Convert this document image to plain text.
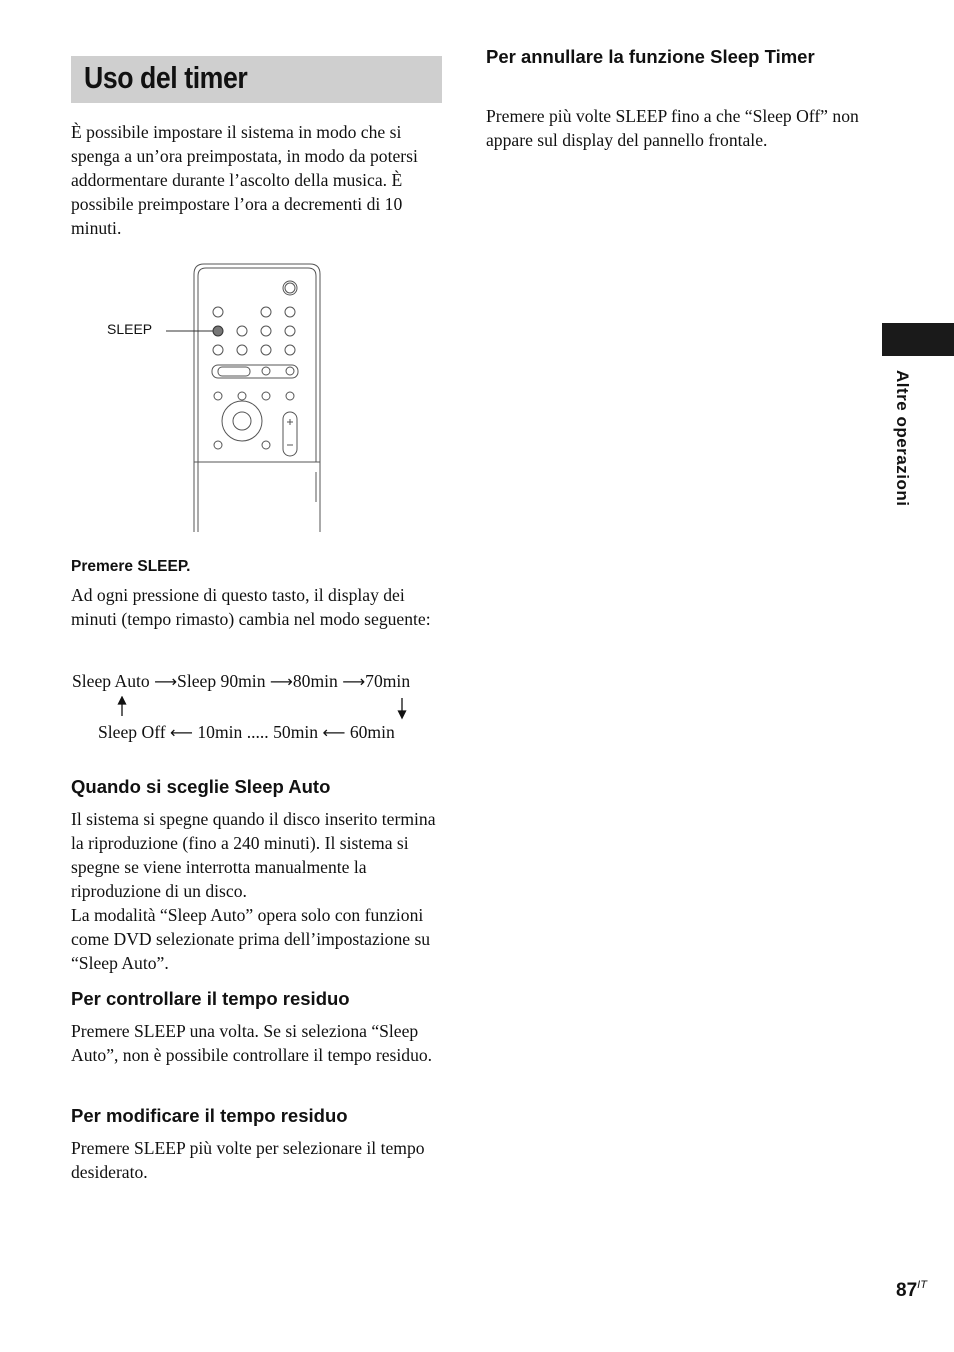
Uso del timer

È possibile impostare il sistema in modo che si spenga a un’ora preimpostata, in modo da potersi addormentare durante l’ascolto della musica. È possibile preimpostare l’ora a decrementi di 10 minuti.

SLEEP

Premere SLEEP.

Ad ogni pressione di questo tasto, il display dei minuti (tempo rimasto) cambia nel modo seguente:

Sleep Auto ⟶Sleep 90min ⟶80min ⟶70min
Sleep Off ⟵ 10min ..... 50min ⟵ 60min

Quando si sceglie Sleep Auto

Il sistema si spegne quando il disco inserito termina la riproduzione (fino a 240 minuti). Il sistema si spegne se viene interrotta manualmente la riproduzione di un disco.

La modalità “Sleep Auto” opera solo con funzioni come DVD selezionate prima dell’impostazione su “Sleep Auto”.

Per controllare il tempo residuo

Premere SLEEP una volta. Se si seleziona “Sleep Auto”, non è possibile controllare il tempo residuo.

Per modificare il tempo residuo

Premere SLEEP più volte per selezionare il tempo desiderato.

Per annullare la funzione Sleep Timer

Premere più volte SLEEP fino a che “Sleep Off” non appare sul display del pannello frontale.

Altre operazioni
$87^{IT}$
